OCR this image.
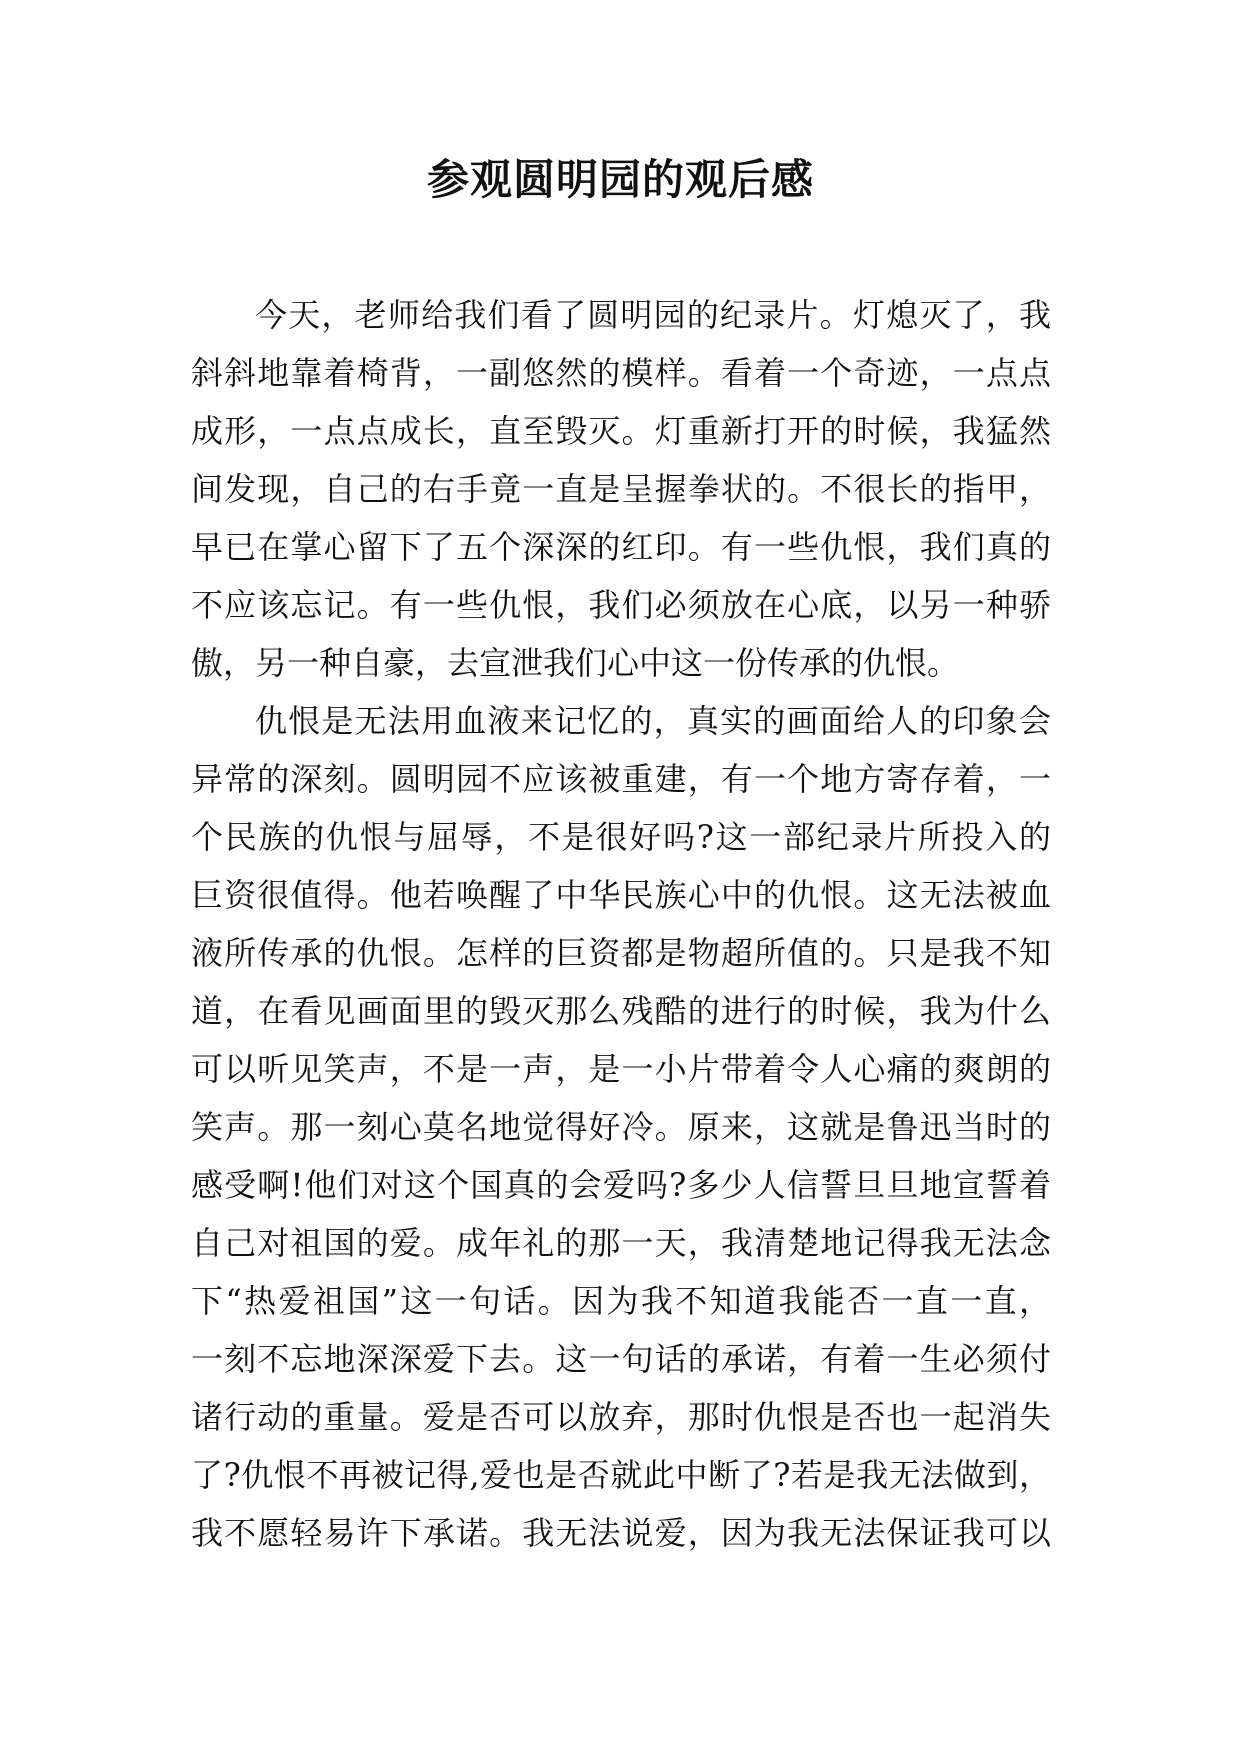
参观圆明园的观后感
今天，老师给我们看了圆明园的纪录片。灯熄灭了，我
斜斜地靠着椅背，一副悠然的模样。看着一个奇迹，一点点
成形，一点点成长，直至毁灭。灯重新打开的时候，我猛然
间发现，自己的右手竟一直是呈握拳状的。不很长的指甲，
早已在掌心留下了五个深深的红印。有一些仇恨，我们真的
不应该忘记。有一些仇恨，我们必须放在心底，以另一种骄
傲，另一种自豪，去宣泄我们心中这一份传承的仇恨。
仇恨是无法用血液来记忆的，真实的画面给人的印象会
异常的深刻。圆明园不应该被重建，有一个地方寄存着，一
个民族的仇恨与屈辱，不是很好吗?这一部纪录片所投入的
巨资很值得。他若唤醒了中华民族心中的仇恨。这无法被血
液所传承的仇恨。怎样的巨资都是物超所值的。只是我不知
道，在看见画面里的毁灭那么残酷的进行的时候，我为什么
可以听见笑声，不是一声，是一小片带着令人心痛的爽朗的
笑声。那一刻心莫名地觉得好冷。原来，这就是鲁迅当时的
感受啊!他们对这个国真的会爱吗?多少人信誓旦旦地宣誓着
自己对祖国的爱。成年礼的那一天，我清楚地记得我无法念
下“热爱祖国”这一句话。因为我不知道我能否一直一直，
一刻不忘地深深爱下去。这一句话的承诺，有着一生必须付
诸行动的重量。爱是否可以放弃，那时仇恨是否也一起消失
了?仇恨不再被记得,爱也是否就此中断了?若是我无法做到，
我不愿轻易许下承诺。我无法说爱，因为我无法保证我可以
